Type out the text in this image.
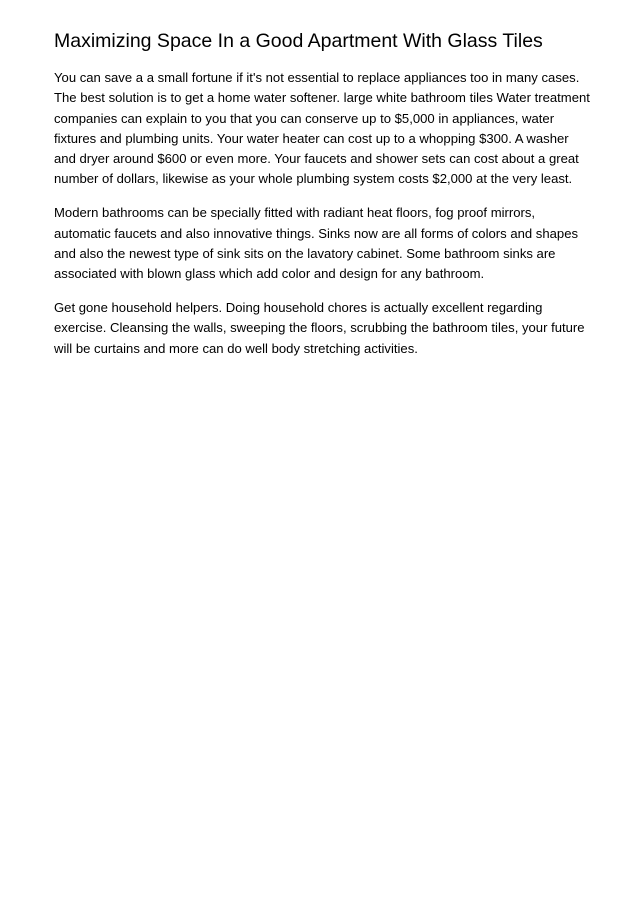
Maximizing Space In a Good Apartment With Glass Tiles

You can save a a small fortune if it's not essential to replace appliances too in many cases. The best solution is to get a home water softener. large white bathroom tiles Water treatment companies can explain to you that you can conserve up to $5,000 in appliances, water fixtures and plumbing units. Your water heater can cost up to a whopping $300. A washer and dryer around $600 or even more. Your faucets and shower sets can cost about a great number of dollars, likewise as your whole plumbing system costs $2,000 at the very least.

Modern bathrooms can be specially fitted with radiant heat floors, fog proof mirrors, automatic faucets and also innovative things. Sinks now are all forms of colors and shapes and also the newest type of sink sits on the lavatory cabinet. Some bathroom sinks are associated with blown glass which add color and design for any bathroom.

Get gone household helpers. Doing household chores is actually excellent regarding exercise. Cleansing the walls, sweeping the floors, scrubbing the bathroom tiles, your future will be curtains and more can do well body stretching activities.
